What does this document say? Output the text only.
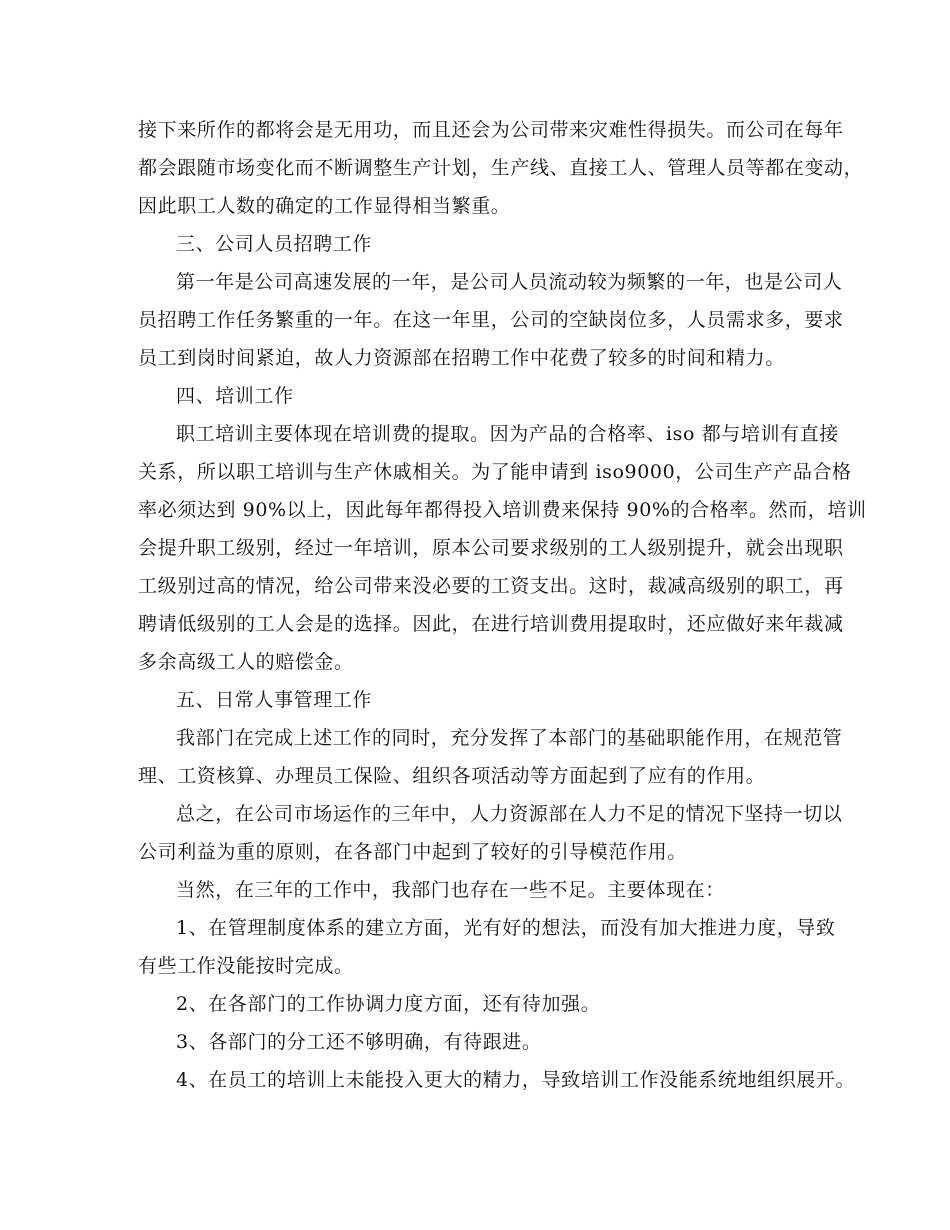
接下来所作的都将会是无用功，而且还会为公司带来灾难性得损失。而公司在每年
都会跟随市场变化而不断调整生产计划，生产线、直接工人、管理人员等都在变动，
因此职工人数的确定的工作显得相当繁重。
三、公司人员招聘工作
第一年是公司高速发展的一年，是公司人员流动较为频繁的一年，也是公司人
员招聘工作任务繁重的一年。在这一年里，公司的空缺岗位多，人员需求多，要求
员工到岗时间紧迫，故人力资源部在招聘工作中花费了较多的时间和精力。
四、培训工作
职工培训主要体现在培训费的提取。因为产品的合格率、iso 都与培训有直接
关系，所以职工培训与生产休戚相关。为了能申请到 iso9000，公司生产产品合格
率必须达到 90%以上，因此每年都得投入培训费来保持 90%的合格率。然而，培训
会提升职工级别，经过一年培训，原本公司要求级别的工人级别提升，就会出现职
工级别过高的情况，给公司带来没必要的工资支出。这时，裁减高级别的职工，再
聘请低级别的工人会是的选择。因此，在进行培训费用提取时，还应做好来年裁减
多余高级工人的赔偿金。
五、日常人事管理工作
我部门在完成上述工作的同时，充分发挥了本部门的基础职能作用，在规范管
理、工资核算、办理员工保险、组织各项活动等方面起到了应有的作用。
总之，在公司市场运作的三年中，人力资源部在人力不足的情况下坚持一切以
公司利益为重的原则，在各部门中起到了较好的引导模范作用。
当然，在三年的工作中，我部门也存在一些不足。主要体现在：
1、在管理制度体系的建立方面，光有好的想法，而没有加大推进力度，导致
有些工作没能按时完成。
2、在各部门的工作协调力度方面，还有待加强。
3、各部门的分工还不够明确，有待跟进。
4、在员工的培训上未能投入更大的精力，导致培训工作没能系统地组织展开。
